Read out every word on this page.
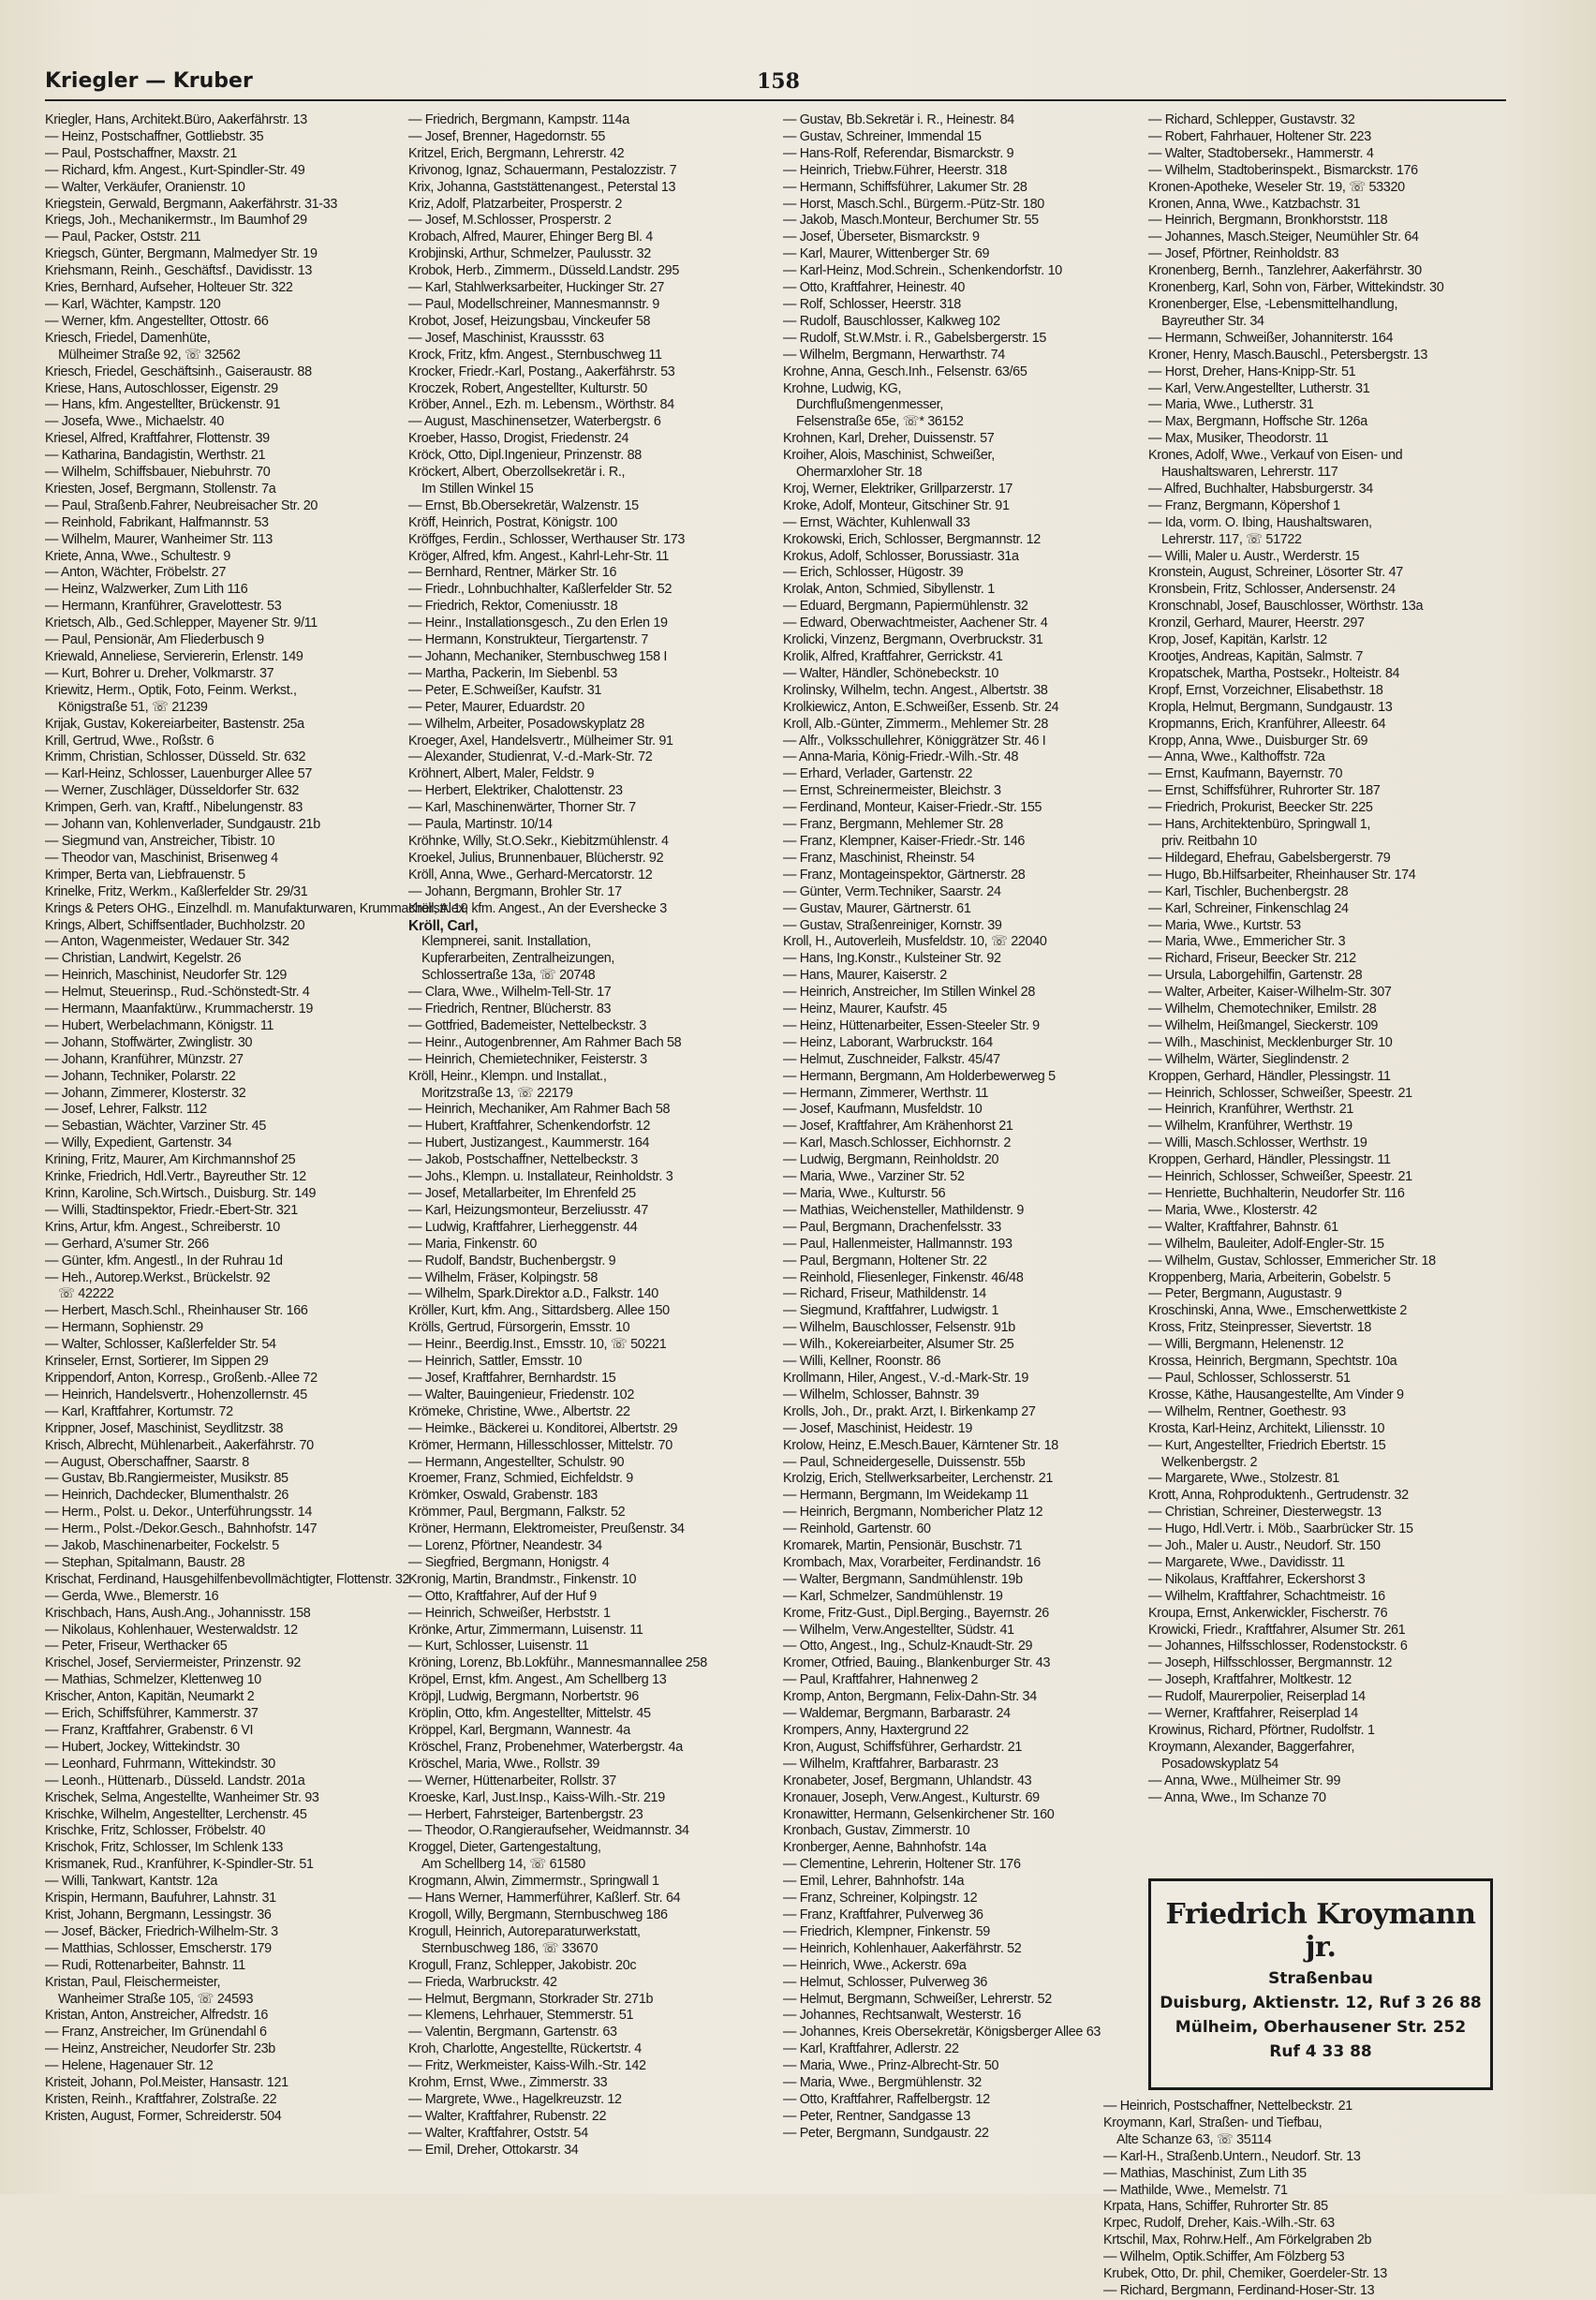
Kriegler — Kruber	158
Kriegler, Hans, Architekt.Büro, Aakerfährstr. 13
— Heinz, Postschaffner, Gottliebstr. 35
— Paul, Postschaffner, Maxstr. 21
— Richard, kfm. Angest., Kurt-Spindler-Str. 49
— Walter, Verkäufer, Oranienstr. 10
Kriegstein, Gerwald, Bergmann, Aakerfährstr. 31-33
Kriegs, Joh., Mechanikermstr., Im Baumhof 29
— Paul, Packer, Oststr. 211
Kriegsch, Günter, Bergmann, Malmedyer Str. 19
Kriehsmann, Reinh., Geschäftsf., Davidisstr. 13
Kries, Bernhard, Aufseher, Holteuer Str. 322
— Karl, Wächter, Kampstr. 120
— Werner, kfm. Angestellter, Ottostr. 66
Kriesch, Friedel, Damenhüte,
Mülheimer Straße 92, ☏ 32562
Kriesch, Friedel, Geschäftsinh., Gaiseraustr. 88
Kriese, Hans, Autoschlosser, Eigenstr. 29
— Hans, kfm. Angestellter, Brückenstr. 91
— Josefa, Wwe., Michaelstr. 40
Kriesel, Alfred, Kraftfahrer, Flottenstr. 39
— Katharina, Bandagistin, Werthstr. 21
— Wilhelm, Schiffsbauer, Niebuhrstr. 70
Kriesten, Josef, Bergmann, Stollenstr. 7a
— Paul, Straßenb.Fahrer, Neubreisacher Str. 20
— Reinhold, Fabrikant, Halfmannstr. 53
— Wilhelm, Maurer, Wanheimer Str. 113
Kriete, Anna, Wwe., Schultestr. 9
— Anton, Wächter, Fröbelstr. 27
— Heinz, Walzwerker, Zum Lith 116
— Hermann, Kranführer, Gravelottestr. 53
Krietsch, Alb., Ged.Schlepper, Mayener Str. 9/11
— Paul, Pensionär, Am Fliederbusch 9
Kriewald, Anneliese, Serviererin, Erlenstr. 149
— Kurt, Bohrer u. Dreher, Volkmarstr. 37
Kriewitz, Herm., Optik, Foto, Feinm. Werkst.,
Königstraße 51, ☏ 21239
Krijak, Gustav, Kokereiarbeiter, Bastenstr. 25a
Krill, Gertrud, Wwe., Roßstr. 6
Krimm, Christian, Schlosser, Düsseld. Str. 632
— Karl-Heinz, Schlosser, Lauenburger Allee 57
— Werner, Zuschläger, Düsseldorfer Str. 632
Krimpen, Gerh. van, Kraftf., Nibelungenstr. 83
— Johann van, Kohlenverlader, Sundgaustr. 21b
— Siegmund van, Anstreicher, Tibistr. 10
— Theodor van, Maschinist, Brisenweg 4
Krimper, Berta van, Liebfrauenstr. 5
Krinelke, Fritz, Werkm., Kaßlerfelder Str. 29/31
Krings & Peters OHG., Einzelhdl. m. Manufakturwaren, Krummacherstr. 19
Krings, Albert, Schiffsentlader, Buchholzstr. 20
— Anton, Wagenmeister, Wedauer Str. 342
— Christian, Landwirt, Kegelstr. 26
— Heinrich, Maschinist, Neudorfer Str. 129
— Helmut, Steuerinsp., Rud.-Schönstedt-Str. 4
— Hermann, Maanfaktürw., Krummacherstr. 19
— Hubert, Werbelachmann, Königstr. 11
— Johann, Stoffwärter, Zwinglistr. 30
— Johann, Kranführer, Münzstr. 27
— Johann, Techniker, Polarstr. 22
— Johann, Zimmerer, Klosterstr. 32
— Josef, Lehrer, Falkstr. 112
— Sebastian, Wächter, Varziner Str. 45
— Willy, Expedient, Gartenstr. 34
Krining, Fritz, Maurer, Am Kirchmannshof 25
Krinke, Friedrich, Hdl.Vertr., Bayreuther Str. 12
Krinn, Karoline, Sch.Wirtsch., Duisburg. Str. 149
— Willi, Stadtinspektor, Friedr.-Ebert-Str. 321
Krins, Artur, kfm. Angest., Schreiberstr. 10
— Gerhard, A'sumer Str. 266
— Günter, kfm. Angestl., In der Ruhrau 1d
— Heh., Autorep.Werkst., Brückelstr. 92
☏ 42222
— Herbert, Masch.Schl., Rheinhauser Str. 166
— Hermann, Sophienstr. 29
— Walter, Schlosser, Kaßlerfelder Str. 54
Krinseler, Ernst, Sortierer, Im Sippen 29
Krippendorf, Anton, Korresp., Großenb.-Allee 72
— Heinrich, Handelsvertr., Hohenzollernstr. 45
— Karl, Kraftfahrer, Kortumstr. 72
Krippner, Josef, Maschinist, Seydlitzstr. 38
Krisch, Albrecht, Mühlenarbeit., Aakerfährstr. 70
— August, Oberschaffner, Saarstr. 8
— Gustav, Bb.Rangiermeister, Musikstr. 85
— Heinrich, Dachdecker, Blumenthalstr. 26
— Herm., Polst. u. Dekor., Unterführungsstr. 14
— Herm., Polst.-/Dekor.Gesch., Bahnhofstr. 147
— Jakob, Maschinenarbeiter, Fockelstr. 5
— Stephan, Spitalmann, Baustr. 28
Krischat, Ferdinand, Hausgehilfenbevollmächtigter, Flottenstr. 32
— Gerda, Wwe., Blemerstr. 16
Krischbach, Hans, Aush.Ang., Johannisstr. 158
— Nikolaus, Kohlenhauer, Westerwaldstr. 12
— Peter, Friseur, Werthacker 65
Krischel, Josef, Serviermeister, Prinzenstr. 92
— Mathias, Schmelzer, Klettenweg 10
Krischer, Anton, Kapitän, Neumarkt 2
— Erich, Schiffsführer, Kammerstr. 37
— Franz, Kraftfahrer, Grabenstr. 6 VI
— Hubert, Jockey, Wittekindstr. 30
— Leonhard, Fuhrmann, Wittekindstr. 30
— Leonh., Hüttenarb., Düsseld. Landstr. 201a
Krischek, Selma, Angestellte, Wanheimer Str. 93
Krischke, Wilhelm, Angestellter, Lerchenstr. 45
Krischke, Fritz, Schlosser, Fröbelstr. 40
Krischok, Fritz, Schlosser, Im Schlenk 133
Krismanek, Rud., Kranführer, K-Spindler-Str. 51
— Willi, Tankwart, Kantstr. 12a
Krispin, Hermann, Baufuhrer, Lahnstr. 31
Krist, Johann, Bergmann, Lessingstr. 36
— Josef, Bäcker, Friedrich-Wilhelm-Str. 3
— Matthias, Schlosser, Emscherstr. 179
— Rudi, Rottenarbeiter, Bahnstr. 11
Kristan, Paul, Fleischermeister,
Wanheimer Straße 105, ☏ 24593
Kristan, Anton, Anstreicher, Alfredstr. 16
— Franz, Anstreicher, Im Grünendahl 6
— Heinz, Anstreicher, Neudorfer Str. 23b
— Helene, Hagenauer Str. 12
Kristeit, Johann, Pol.Meister, Hansastr. 121
Kristen, Reinh., Kraftfahrer, Zolstraße. 22
Kristen, August, Former, Schreiderstr. 504
— Friedrich, Bergmann, Kampstr. 114a
— Josef, Brenner, Hagedornstr. 55
Kritzel, Erich, Bergmann, Lehrerstr. 42
Krivonog, Ignaz, Schauermann, Pestalozzistr. 7
Krix, Johanna, Gaststättenangest., Peterstal 13
Kriz, Adolf, Platzarbeiter, Prosperstr. 2
— Josef, M.Schlosser, Prosperstr. 2
Krobach, Alfred, Maurer, Ehinger Berg Bl. 4
Krobjinski, Arthur, Schmelzer, Paulusstr. 32
Krobok, Herb., Zimmerm., Düsseld.Landstr. 295
— Karl, Stahlwerksarbeiter, Huckinger Str. 27
— Paul, Modellschreiner, Mannesmannstr. 9
Krobot, Josef, Heizungsbau, Vinckeufer 58
— Josef, Maschinist, Kraussstr. 63
Krock, Fritz, kfm. Angest., Sternbuschweg 11
Krocker, Friedr.-Karl, Postang., Aakerfährstr. 53
Kroczek, Robert, Angestellter, Kulturstr. 50
Kröber, Annel., Ezh. m. Lebensm., Wörthstr. 84
— August, Maschinensetzer, Waterbergstr. 6
Kroeber, Hasso, Drogist, Friedenstr. 24
Kröck, Otto, Dipl.Ingenieur, Prinzenstr. 88
Kröckert, Albert, Oberzollsekretär i. R.,
Im Stillen Winkel 15
— Ernst, Bb.Obersekretär, Walzenstr. 15
Kröff, Heinrich, Postrat, Königstr. 100
Kröffges, Ferdin., Schlosser, Werthauser Str. 173
Kröger, Alfred, kfm. Angest., Kahrl-Lehr-Str. 11
— Bernhard, Rentner, Märker Str. 16
— Friedr., Lohnbuchhalter, Kaßlerfelder Str. 52
— Friedrich, Rektor, Comeniusstr. 18
— Heinr., Installationsgesch., Zu den Erlen 19
— Hermann, Konstrukteur, Tiergartenstr. 7
— Johann, Mechaniker, Sternbuschweg 158 I
— Martha, Packerin, Im Siebenbl. 53
— Peter, E.Schweißer, Kaufstr. 31
— Peter, Maurer, Eduardstr. 20
— Wilhelm, Arbeiter, Posadowskyplatz 28
Kroeger, Axel, Handelsvertr., Mülheimer Str. 91
— Alexander, Studienrat, V.-d.-Mark-Str. 72
Kröhnert, Albert, Maler, Feldstr. 9
— Herbert, Elektriker, Chalottenstr. 23
— Karl, Maschinenwärter, Thorner Str. 7
— Paula, Martinstr. 10/14
Kröhnke, Willy, St.O.Sekr., Kiebitzmühlenstr. 4
Kroekel, Julius, Brunnenbauer, Blücherstr. 92
Kröll, Anna, Wwe., Gerhard-Mercatorstr. 12
— Johann, Bergmann, Brohler Str. 17
Kröll, Alex, kfm. Angest., An der Evershecke 3
Kröll, Carl,
Klempnerei, sanit. Installation,
Kupferarbeiten, Zentralheizungen,
Schlossertraße 13a, ☏ 20748
— Clara, Wwe., Wilhelm-Tell-Str. 17
— Friedrich, Rentner, Blücherstr. 83
— Gottfried, Bademeister, Nettelbeckstr. 3
— Heinr., Autogenbrenner, Am Rahmer Bach 58
— Heinrich, Chemietechniker, Feisterstr. 3
Kröll, Heinr., Klempn. und Installat.,
Moritzstraße 13, ☏ 22179
— Heinrich, Mechaniker, Am Rahmer Bach 58
— Hubert, Kraftfahrer, Schenkendorfstr. 12
— Hubert, Justizangest., Kaummerstr. 164
— Jakob, Postschaffner, Nettelbeckstr. 3
— Johs., Klempn. u. Installateur, Reinholdstr. 3
— Josef, Metallarbeiter, Im Ehrenfeld 25
— Karl, Heizungsmonteur, Berzeliusstr. 47
— Ludwig, Kraftfahrer, Lierheggenstr. 44
— Maria, Finkenstr. 60
— Rudolf, Bandstr, Buchenbergstr. 9
— Wilhelm, Fräser, Kolpingstr. 58
— Wilhelm, Spark.Direktor a.D., Falkstr. 140
Kröller, Kurt, kfm. Ang., Sittardsberg. Allee 150
Krölls, Gertrud, Fürsorgerin, Emsstr. 10
— Heinr., Beerdig.Inst., Emsstr. 10, ☏ 50221
— Heinrich, Sattler, Emsstr. 10
— Josef, Kraftfahrer, Bernhardstr. 15
— Walter, Bauingenieur, Friedenstr. 102
Krömeke, Christine, Wwe., Albertstr. 22
— Heimke., Bäckerei u. Konditorei, Albertstr. 29
Krömer, Hermann, Hillesschlosser, Mittelstr. 70
— Hermann, Angestellter, Schulstr. 90
Kroemer, Franz, Schmied, Eichfeldstr. 9
Krömker, Oswald, Grabenstr. 183
Krömmer, Paul, Bergmann, Falkstr. 52
Kröner, Hermann, Elektromeister, Preußenstr. 34
— Lorenz, Pförtner, Neandestr. 34
— Siegfried, Bergmann, Honigstr. 4
Kronig, Martin, Brandmstr., Finkenstr. 10
— Otto, Kraftfahrer, Auf der Huf 9
— Heinrich, Schweißer, Herbststr. 1
Krönke, Artur, Zimmermann, Luisenstr. 11
— Kurt, Schlosser, Luisenstr. 11
Kröning, Lorenz, Bb.Lokführ., Mannesmannallee 258
Kröpel, Ernst, kfm. Angest., Am Schellberg 13
Kröpjl, Ludwig, Bergmann, Norbertstr. 96
Kröplin, Otto, kfm. Angestellter, Mittelstr. 45
Kröppel, Karl, Bergmann, Wannestr. 4a
Kröschel, Franz, Probenehmer, Waterbergstr. 4a
Kröschel, Maria, Wwe., Rollstr. 39
— Werner, Hüttenarbeiter, Rollstr. 37
Kroeske, Karl, Just.Insp., Kaiss-Wilh.-Str. 219
— Herbert, Fahrsteiger, Bartenbergstr. 23
— Theodor, O.Rangieraufseher, Weidmannstr. 34
Kroggel, Dieter, Gartengestaltung,
Am Schellberg 14, ☏ 61580
Krogmann, Alwin, Zimmermstr., Springwall 1
— Hans Werner, Hammerführer, Kaßlerf. Str. 64
Krogoll, Willy, Bergmann, Sternbuschweg 186
Krogull, Heinrich, Autoreparaturwerkstatt,
Sternbuschweg 186, ☏ 33670
Krogull, Franz, Schlepper, Jakobistr. 20c
— Frieda, Warbruckstr. 42
— Helmut, Bergmann, Storkrader Str. 271b
— Klemens, Lehrhauer, Stemmerstr. 51
— Valentin, Bergmann, Gartenstr. 63
Kroh, Charlotte, Angestellte, Rückertstr. 4
— Fritz, Werkmeister, Kaiss-Wilh.-Str. 142
Krohm, Ernst, Wwe., Zimmerstr. 33
— Margrete, Wwe., Hagelkreuzstr. 12
— Walter, Kraftfahrer, Rubenstr. 22
— Walter, Kraftfahrer, Oststr. 54
— Emil, Dreher, Ottokarstr. 34
— Gustav, Bb.Sekretär i. R., Heinestr. 84
— Gustav, Schreiner, Immendal 15
— Hans-Rolf, Referendar, Bismarckstr. 9
— Heinrich, Triebw.Führer, Heerstr. 318
— Hermann, Schiffsführer, Lakumer Str. 28
— Horst, Masch.Schl., Bürgerm.-Pütz-Str. 180
— Jakob, Masch.Monteur, Berchumer Str. 55
— Josef, Überseter, Bismarckstr. 9
— Karl, Maurer, Wittenberger Str. 69
— Karl-Heinz, Mod.Schrein., Schenkendorfstr. 10
— Otto, Kraftfahrer, Heinestr. 40
— Rolf, Schlosser, Heerstr. 318
— Rudolf, Bauschlosser, Kalkweg 102
— Rudolf, St.W.Mstr. i. R., Gabelsbergerstr. 15
— Wilhelm, Bergmann, Herwarthstr. 74
Krohne, Anna, Gesch.Inh., Felsenstr. 63/65
Krohne, Ludwig, KG,
Durchflußmengenmesser,
Felsenstraße 65e, ☏* 36152
Krohnen, Karl, Dreher, Duissenstr. 57
Kroiher, Alois, Maschinist, Schweißer,
Ohermarxloher Str. 18
Kroj, Werner, Elektriker, Grillparzerstr. 17
Kroke, Adolf, Monteur, Gitschiner Str. 91
— Ernst, Wächter, Kuhlenwall 33
Krokowski, Erich, Schlosser, Bergmannstr. 12
Krokus, Adolf, Schlosser, Borussiastr. 31a
— Erich, Schlosser, Hügostr. 39
Krolak, Anton, Schmied, Sibyllenstr. 1
— Eduard, Bergmann, Papiermühlenstr. 32
— Edward, Oberwachtmeister, Aachener Str. 4
Krolicki, Vinzenz, Bergmann, Overbruckstr. 31
Krolik, Alfred, Kraftfahrer, Gerrickstr. 41
— Walter, Händler, Schönebeckstr. 10
Krolinsky, Wilhelm, techn. Angest., Albertstr. 38
Krolkiewicz, Anton, E.Schweißer, Essenb. Str. 24
Kroll, Alb.-Günter, Zimmerm., Mehlemer Str. 28
— Alfr., Volksschullehrer, Königgrätzer Str. 46 I
— Anna-Maria, König-Friedr.-Wilh.-Str. 48
— Erhard, Verlader, Gartenstr. 22
— Ernst, Schreinermeister, Bleichstr. 3
— Ferdinand, Monteur, Kaiser-Friedr.-Str. 155
— Franz, Bergmann, Mehlemer Str. 28
— Franz, Klempner, Kaiser-Friedr.-Str. 146
— Franz, Maschinist, Rheinstr. 54
— Franz, Montageinspektor, Gärtnerstr. 28
— Günter, Verm.Techniker, Saarstr. 24
— Gustav, Maurer, Gärtnerstr. 61
— Gustav, Straßenreiniger, Kornstr. 39
Kroll, H., Autoverleih, Musfeldstr. 10, ☏ 22040
— Hans, Ing.Konstr., Kulsteiner Str. 92
— Hans, Maurer, Kaiserstr. 2
— Heinrich, Anstreicher, Im Stillen Winkel 28
— Heinz, Maurer, Kaufstr. 45
— Heinz, Hüttenarbeiter, Essen-Steeler Str. 9
— Heinz, Laborant, Warbruckstr. 164
— Helmut, Zuschneider, Falkstr. 45/47
— Hermann, Bergmann, Am Holderbewerweg 5
— Hermann, Zimmerer, Werthstr. 11
— Josef, Kaufmann, Musfeldstr. 10
— Josef, Kraftfahrer, Am Krähenhorst 21
— Karl, Masch.Schlosser, Eichhornstr. 2
— Ludwig, Bergmann, Reinholdstr. 20
— Maria, Wwe., Varziner Str. 52
— Maria, Wwe., Kulturstr. 56
— Mathias, Weichensteller, Mathildenstr. 9
— Paul, Bergmann, Drachenfelsstr. 33
— Paul, Hallenmeister, Hallmannstr. 193
— Paul, Bergmann, Holtener Str. 22
— Reinhold, Fliesenleger, Finkenstr. 46/48
— Richard, Friseur, Mathildenstr. 14
— Siegmund, Kraftfahrer, Ludwigstr. 1
— Wilhelm, Bauschlosser, Felsenstr. 91b
— Wilh., Kokereiarbeiter, Alsumer Str. 25
— Willi, Kellner, Roonstr. 86
Krollmann, Hiler, Angest., V.-d.-Mark-Str. 19
— Wilhelm, Schlosser, Bahnstr. 39
Krolls, Joh., Dr., prakt. Arzt, I. Birkenkamp 27
— Josef, Maschinist, Heidestr. 19
Krolow, Heinz, E.Mesch.Bauer, Kärntener Str. 18
— Paul, Schneidergeselle, Duissenstr. 55b
Krolzig, Erich, Stellwerksarbeiter, Lerchenstr. 21
— Hermann, Bergmann, Im Weidekamp 11
— Heinrich, Bergmann, Nombericher Platz 12
— Reinhold, Gartenstr. 60
Kromarek, Martin, Pensionär, Buschstr. 71
Krombach, Max, Vorarbeiter, Ferdinandstr. 16
— Walter, Bergmann, Sandmühlenstr. 19b
— Karl, Schmelzer, Sandmühlenstr. 19
Krome, Fritz-Gust., Dipl.Berging., Bayernstr. 26
— Wilhelm, Verw.Angestellter, Südstr. 41
— Otto, Angest., Ing., Schulz-Knaudt-Str. 29
Kromer, Otfried, Bauing., Blankenburger Str. 43
— Paul, Kraftfahrer, Hahnenweg 2
Kromp, Anton, Bergmann, Felix-Dahn-Str. 34
— Waldemar, Bergmann, Barbarastr. 24
Krompers, Anny, Haxtergrund 22
Kron, August, Schiffsführer, Gerhardstr. 21
— Wilhelm, Kraftfahrer, Barbarastr. 23
Kronabeter, Josef, Bergmann, Uhlandstr. 43
Kronauer, Joseph, Verw.Angest., Kulturstr. 69
Kronawitter, Hermann, Gelsenkirchener Str. 160
Kronbach, Gustav, Zimmerstr. 10
Kronberger, Aenne, Bahnhofstr. 14a
— Clementine, Lehrerin, Holtener Str. 176
— Emil, Lehrer, Bahnhofstr. 14a
— Franz, Schreiner, Kolpingstr. 12
— Franz, Kraftfahrer, Pulverweg 36
— Friedrich, Klempner, Finkenstr. 59
— Heinrich, Kohlenhauer, Aakerfährstr. 52
— Heinrich, Wwe., Ackerstr. 69a
— Helmut, Schlosser, Pulverweg 36
— Helmut, Bergmann, Schweißer, Lehrerstr. 52
— Johannes, Rechtsanwalt, Westerstr. 16
— Johannes, Kreis Obersekretär, Königsberger Allee 63
— Karl, Kraftfahrer, Adlerstr. 22
— Maria, Wwe., Prinz-Albrecht-Str. 50
— Maria, Wwe., Bergmühlenstr. 32
— Otto, Kraftfahrer, Raffelbergstr. 12
— Peter, Rentner, Sandgasse 13
— Peter, Bergmann, Sundgaustr. 22
— Richard, Schlepper, Gustavstr. 32
— Robert, Fahrhauer, Holtener Str. 223
— Walter, Stadtobersekr., Hammerstr. 4
— Wilhelm, Stadtoberinspekt., Bismarckstr. 176
Kronen-Apotheke, Weseler Str. 19, ☏ 53320
Kronen, Anna, Wwe., Katzbachstr. 31
— Heinrich, Bergmann, Bronkhorststr. 118
— Johannes, Masch.Steiger, Neumühler Str. 64
— Josef, Pförtner, Reinholdstr. 83
Kronenberg, Bernh., Tanzlehrer, Aakerfährstr. 30
Kronenberg, Karl, Sohn von, Färber, Wittekindstr. 30
Kronenberger, Else, -Lebensmittelhandlung,
Bayreuther Str. 34
— Hermann, Schweißer, Johanniterstr. 164
Kroner, Henry, Masch.Bauschl., Petersbergstr. 13
— Horst, Dreher, Hans-Knipp-Str. 51
— Karl, Verw.Angestellter, Lutherstr. 31
— Maria, Wwe., Lutherstr. 31
— Max, Bergmann, Hoffsche Str. 126a
— Max, Musiker, Theodorstr. 11
Krones, Adolf, Wwe., Verkauf von Eisen- und
Haushaltswaren, Lehrerstr. 117
— Alfred, Buchhalter, Habsburgerstr. 34
— Franz, Bergmann, Köpershof 1
— Ida, vorm. O. Ibing, Haushaltswaren,
Lehrerstr. 117, ☏ 51722
— Willi, Maler u. Austr., Werderstr. 15
Kronstein, August, Schreiner, Lösorter Str. 47
Kronsbein, Fritz, Schlosser, Andersenstr. 24
Kronschnabl, Josef, Bauschlosser, Wörthstr. 13a
Kronzil, Gerhard, Maurer, Heerstr. 297
Krop, Josef, Kapitän, Karlstr. 12
Krootjes, Andreas, Kapitän, Salmstr. 7
Kropatschek, Martha, Postsekr., Holteistr. 84
Kropf, Ernst, Vorzeichner, Elisabethstr. 18
Kropla, Helmut, Bergmann, Sundgaustr. 13
Kropmanns, Erich, Kranführer, Alleestr. 64
Kropp, Anna, Wwe., Duisburger Str. 69
— Anna, Wwe., Kalthoffstr. 72a
— Ernst, Kaufmann, Bayernstr. 70
— Ernst, Schiffsführer, Ruhrorter Str. 187
— Friedrich, Prokurist, Beecker Str. 225
— Hans, Architektenbüro, Springwall 1,
priv. Reitbahn 10
— Hildegard, Ehefrau, Gabelsbergerstr. 79
— Hugo, Bb.Hilfsarbeiter, Rheinhauser Str. 174
— Karl, Tischler, Buchenbergstr. 28
— Karl, Schreiner, Finkenschlag 24
— Maria, Wwe., Kurtstr. 53
— Maria, Wwe., Emmericher Str. 3
— Richard, Friseur, Beecker Str. 212
— Ursula, Laborgehilfin, Gartenstr. 28
— Walter, Arbeiter, Kaiser-Wilhelm-Str. 307
— Wilhelm, Chemotechniker, Emilstr. 28
— Wilhelm, Heißmangel, Sieckerstr. 109
— Wilh., Maschinist, Mecklenburger Str. 10
— Wilhelm, Wärter, Sieglindenstr. 2
Kroppen, Gerhard, Händler, Plessingstr. 11
— Heinrich, Schlosser, Schweißer, Speestr. 21
— Heinrich, Kranführer, Werthstr. 21
— Wilhelm, Kranführer, Werthstr. 19
— Willi, Masch.Schlosser, Werthstr. 19
Kroppen, Gerhard, Händler, Plessingstr. 11
— Heinrich, Schlosser, Schweißer, Speestr. 21
— Henriette, Buchhalterin, Neudorfer Str. 116
— Maria, Wwe., Klosterstr. 42
— Walter, Kraftfahrer, Bahnstr. 61
— Wilhelm, Bauleiter, Adolf-Engler-Str. 15
— Wilhelm, Gustav, Schlosser, Emmericher Str. 18
Kroppenberg, Maria, Arbeiterin, Gobelstr. 5
— Peter, Bergmann, Augustastr. 9
Kroschinski, Anna, Wwe., Emscherwettkiste 2
Kross, Fritz, Steinpresser, Sievertstr. 18
— Willi, Bergmann, Helenenstr. 12
Krossa, Heinrich, Bergmann, Spechtstr. 10a
— Paul, Schlosser, Schlosserstr. 51
Krosse, Käthe, Hausangestellte, Am Vinder 9
— Wilhelm, Rentner, Goethestr. 93
Krosta, Karl-Heinz, Architekt, Liliensstr. 10
— Kurt, Angestellter, Friedrich Ebertstr. 15
Welkenbergstr. 2
— Margarete, Wwe., Stolzestr. 81
Krott, Anna, Rohproduktenh., Gertrudenstr. 32
— Christian, Schreiner, Diesterwegstr. 13
— Hugo, Hdl.Vertr. i. Möb., Saarbrücker Str. 15
— Joh., Maler u. Austr., Neudorf. Str. 150
— Margarete, Wwe., Davidisstr. 11
— Nikolaus, Kraftfahrer, Eckershorst 3
— Wilhelm, Kraftfahrer, Schachtmeistr. 16
Kroupa, Ernst, Ankerwickler, Fischerstr. 76
Krowicki, Friedr., Kraftfahrer, Alsumer Str. 261
— Johannes, Hilfsschlosser, Rodenstockstr. 6
— Joseph, Hilfsschlosser, Bergmannstr. 12
— Joseph, Kraftfahrer, Moltkestr. 12
— Rudolf, Maurerpolier, Reiserplad 14
— Werner, Kraftfahrer, Reiserplad 14
Krowinus, Richard, Pförtner, Rudolfstr. 1
Kroymann, Alexander, Baggerfahrer,
Posadowskyplatz 54
— Anna, Wwe., Mülheimer Str. 99
— Anna, Wwe., Im Schanze 70
Friedrich Kroymann jr.
Straßenbau
Duisburg, Aktienstr. 12, Ruf 3 26 88
Mülheim, Oberhausener Str. 252
Ruf 4 33 88
— Heinrich, Postschaffner, Nettelbeckstr. 21
Kroymann, Karl, Straßen- und Tiefbau,
Alte Schanze 63, ☏ 35114
— Karl-H., Straßenb.Untern., Neudorf. Str. 13
— Mathias, Maschinist, Zum Lith 35
— Mathilde, Wwe., Memelstr. 71
Krpata, Hans, Schiffer, Ruhrorter Str. 85
Krpec, Rudolf, Dreher, Kais.-Wilh.-Str. 63
Krtschil, Max, Rohrw.Helf., Am Förkelgraben 2b
— Wilhelm, Optik.Schiffer, Am Fölzberg 53
Krubek, Otto, Dr. phil, Chemiker, Goerdeler-Str. 13
— Richard, Bergmann, Ferdinand-Hoser-Str. 13
